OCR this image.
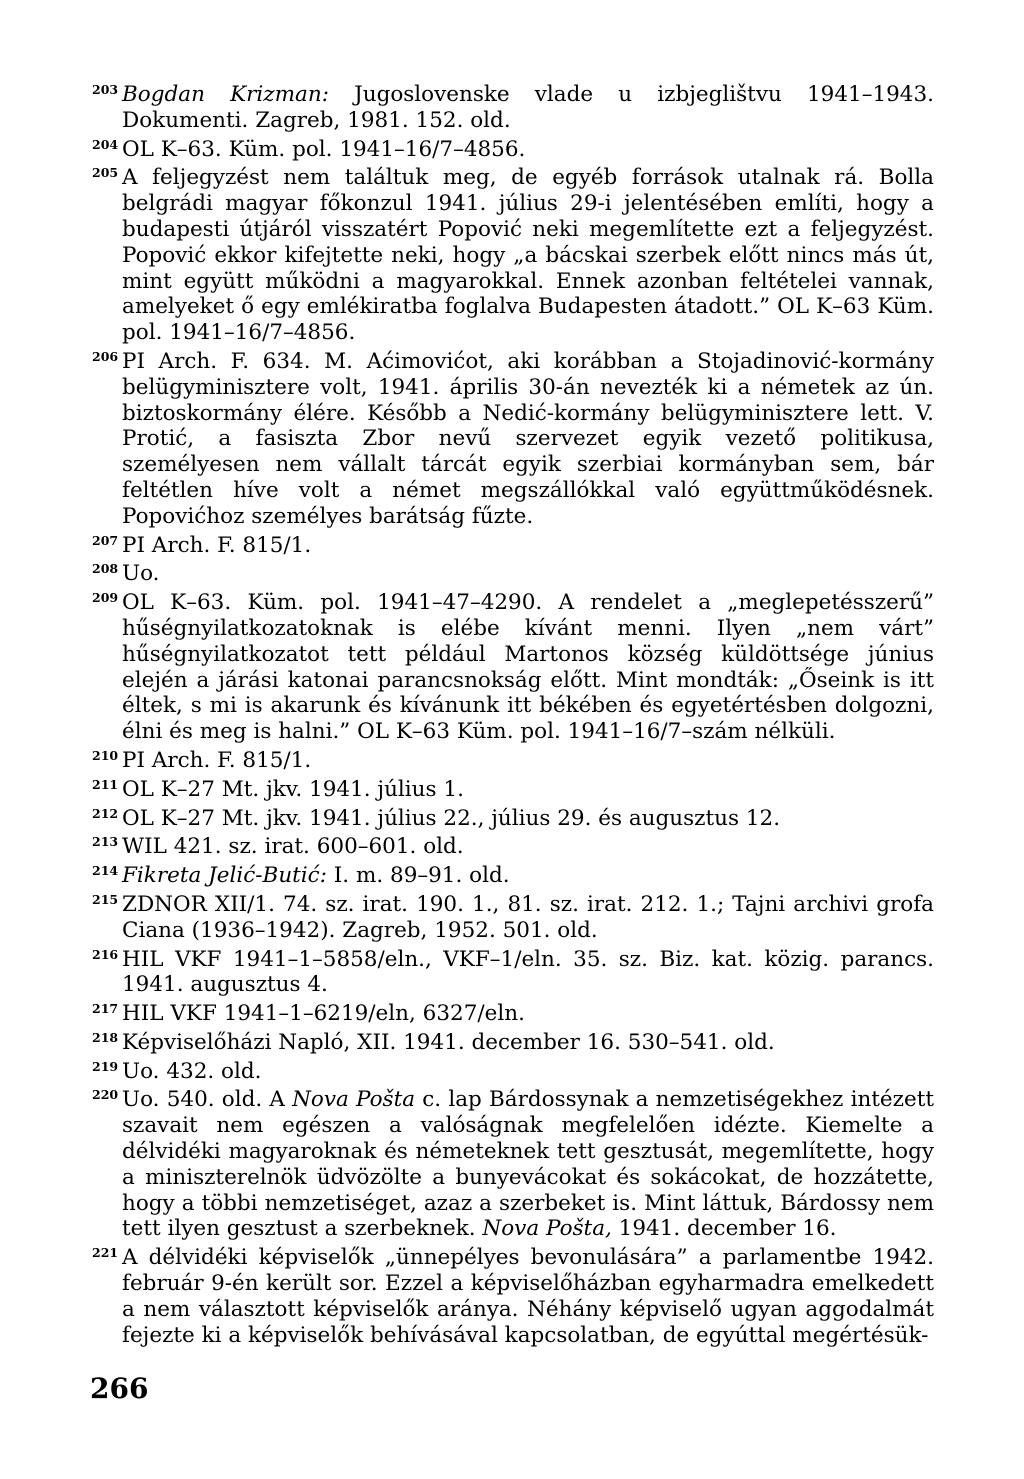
203 Bogdan Krizman: Jugoslovenske vlade u izbjeglištvu 1941–1943. Dokumenti. Zagreb, 1981. 152. old.
204 OL K–63. Küm. pol. 1941–16/7–4856.
205 A feljegyzést nem találtuk meg, de egyéb források utalnak rá. Bolla belgrádi magyar főkonzul 1941. július 29-i jelentésében említi, hogy a budapesti útjáról visszatért Popović neki megemlítette ezt a feljegyzést. Popović ekkor kifejtette neki, hogy „a bácskai szerbek előtt nincs más út, mint együtt működni a magyarokkal. Ennek azonban feltételei vannak, amelyeket ő egy emlékiratba foglalva Budapesten átadott.” OL K–63 Küm. pol. 1941–16/7–4856.
206 PI Arch. F. 634. M. Aćimovićot, aki korábban a Stojadinović-kormány belügyminisztere volt, 1941. április 30-án nevezték ki a németek az ún. biztoskormány élére. Később a Nedić-kormány belügyminisztere lett. V. Protić, a fasiszta Zbor nevű szervezet egyik vezető politikusa, személyesen nem vállalt tárcát egyik szerbiai kormányban sem, bár feltétlen híve volt a német megszállókkal való együttműködésnek. Popovićhoz személyes barátság fűzte.
207 PI Arch. F. 815/1.
208 Uo.
209 OL K–63. Küm. pol. 1941–47–4290. A rendelet a „meglepetésszerű” hűségnyilatkozatoknak is elébe kívánt menni. Ilyen „nem várt” hűségnyilatkozatot tett például Martonos község küldöttsége június elején a járási katonai parancsnokság előtt. Mint mondták: „Őseink is itt éltek, s mi is akarunk és kívánunk itt békében és egyetértésben dolgozni, élni és meg is halni.” OL K–63 Küm. pol. 1941–16/7–szám nélküli.
210 PI Arch. F. 815/1.
211 OL K–27 Mt. jkv. 1941. július 1.
212 OL K–27 Mt. jkv. 1941. július 22., július 29. és augusztus 12.
213 WIL 421. sz. irat. 600–601. old.
214 Fikreta Jelić-Butić: I. m. 89–91. old.
215 ZDNOR XII/1. 74. sz. irat. 190. 1., 81. sz. irat. 212. 1.; Tajni archivi grofa Ciana (1936–1942). Zagreb, 1952. 501. old.
216 HIL VKF 1941–1–5858/eln., VKF–1/eln. 35. sz. Biz. kat. közig. parancs. 1941. augusztus 4.
217 HIL VKF 1941–1–6219/eln, 6327/eln.
218 Képviselőházi Napló, XII. 1941. december 16. 530–541. old.
219 Uo. 432. old.
220 Uo. 540. old. A Nova Pošta c. lap Bárdossynak a nemzetiségekhez intézett szavait nem egészen a valóságnak megfelelően idézte. Kiemelte a délvidéki magyaroknak és németeknek tett gesztusát, megemlítette, hogy a miniszterelnök üdvözölte a bunyevácokat és sokácokat, de hozzátette, hogy a többi nemzetiséget, azaz a szerbeket is. Mint láttuk, Bárdossy nem tett ilyen gesztust a szerbeknek. Nova Pošta, 1941. december 16.
221 A délvidéki képviselők „ünnepélyes bevonulására” a parlamentbe 1942. február 9-én került sor. Ezzel a képviselőházban egyharmadra emelkedett a nem választott képviselők aránya. Néhány képviselő ugyan aggodalmát fejezte ki a képviselők behívásával kapcsolatban, de egyúttal megértésük-
266
